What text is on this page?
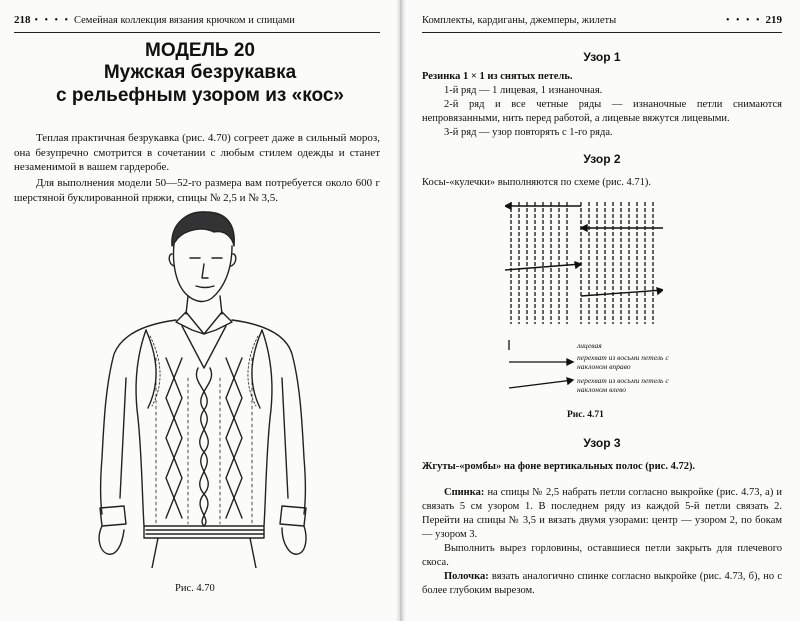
218 • • • • Семейная коллекция вязания крючком и спицами
МОДЕЛЬ 20
Мужская безрукавка
с рельефным узором из «кос»
Теплая практичная безрукавка (рис. 4.70) согреет даже в сильный мороз, она безупречно смотрится в сочетании с любым стилем одежды и станет незаменимой в вашем гардеробе.
Для выполнения модели 50—52-го размера вам потребуется около 600 г шерстяной буклированной пряжи, спицы № 2,5 и № 3,5.
Рис. 4.70
Комплекты, кардиганы, джемперы, жилеты	• • • • 219
Узор 1
Резинка 1 × 1 из снятых петель.
1-й ряд — 1 лицевая, 1 изнаночная.
2-й ряд и все четные ряды — изнаночные петли снимаются непровязанными, нить перед работой, а лицевые вяжутся лицевыми.
3-й ряд — узор повторять с 1-го ряда.
Узор 2
Косы-«кулечки» выполняются по схеме (рис. 4.71).
Узор 3
Жгуты-«ромбы» на фоне вертикальных полос (рис. 4.72).
Спинка: на спицы № 2,5 набрать петли согласно выкройке (рис. 4.73, а) и связать 5 см узором 1. В последнем ряду из каждой 5-й петли связать 2. Перейти на спицы № 3,5 и вязать двумя узорами: центр — узором 2, по бокам — узором 3.
Выполнить вырез горловины, оставшиеся петли закрыть для плечевого скоса.
Полочка: вязать аналогично спинке согласно выкройке (рис. 4.73, б), но с более глубоким вырезом.
Рис. 4.71
лицевая
перехват из восьми петель с наклоном вправо
перехват из восьми петель с наклоном влево
